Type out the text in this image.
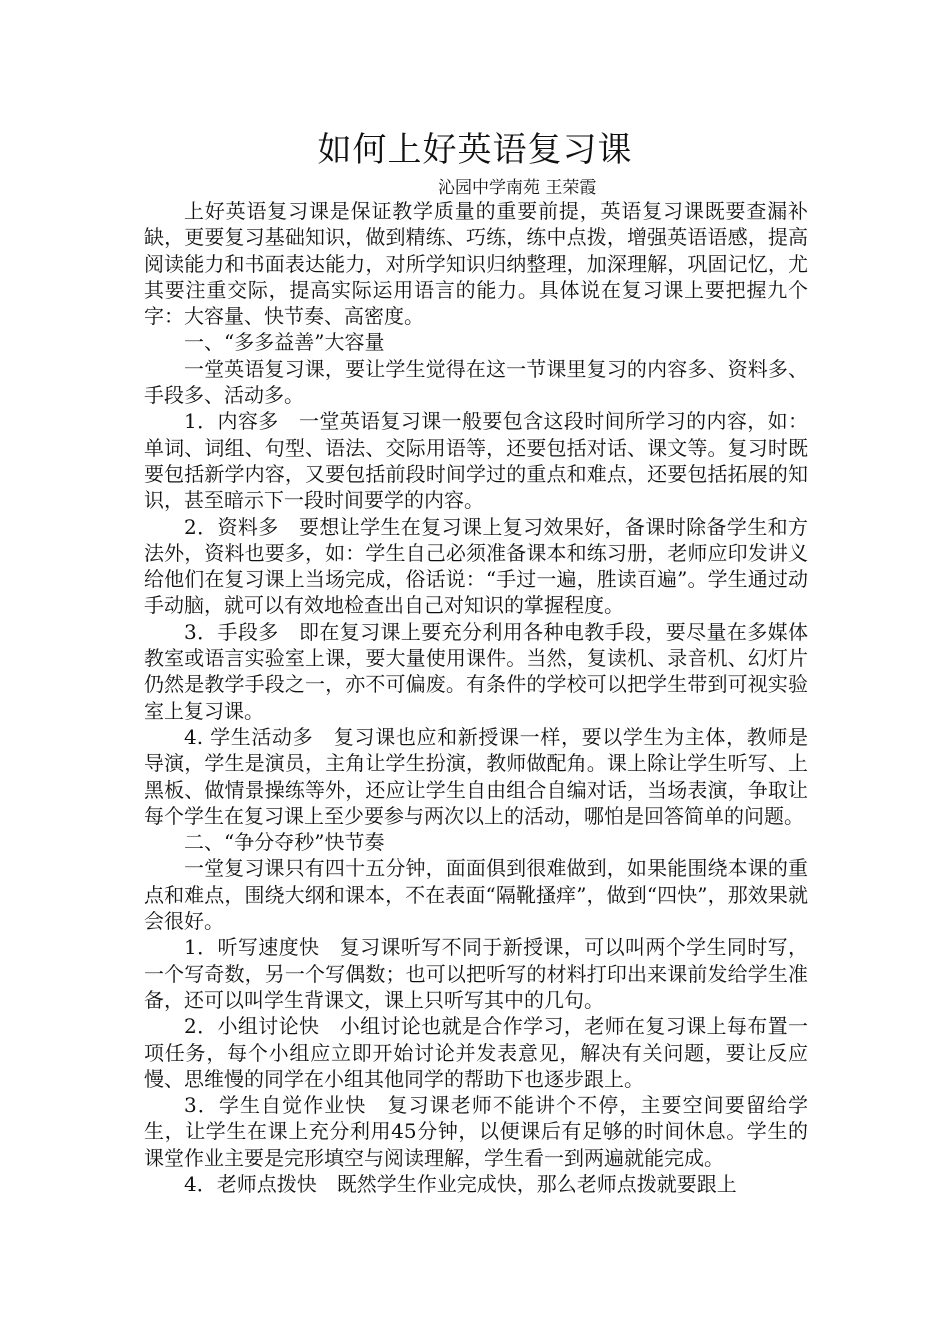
如何上好英语复习课
沁园中学南苑 王荣霞

上好英语复习课是保证教学质量的重要前提，英语复习课既要查漏补缺，更要复习基础知识，做到精练、巧练，练中点拨，增强英语语感，提高阅读能力和书面表达能力，对所学知识归纳整理，加深理解，巩固记忆，尤其要注重交际，提高实际运用语言的能力。具体说在复习课上要把握九个字：大容量、快节奏、高密度。

一、“多多益善”大容量

一堂英语复习课，要让学生觉得在这一节课里复习的内容多、资料多、手段多、活动多。

1．内容多 一堂英语复习课一般要包含这段时间所学习的内容，如：单词、词组、句型、语法、交际用语等，还要包括对话、课文等。复习时既要包括新学内容，又要包括前段时间学过的重点和难点，还要包括拓展的知识，甚至暗示下一段时间要学的内容。

2．资料多 要想让学生在复习课上复习效果好，备课时除备学生和方法外，资料也要多，如：学生自己必须准备课本和练习册，老师应印发讲义给他们在复习课上当场完成，俗话说：“手过一遍，胜读百遍”。学生通过动手动脑，就可以有效地检查出自己对知识的掌握程度。

3．手段多 即在复习课上要充分利用各种电教手段，要尽量在多媒体教室或语言实验室上课，要大量使用课件。当然，复读机、录音机、幻灯片仍然是教学手段之一，亦不可偏废。有条件的学校可以把学生带到可视实验室上复习课。

4. 学生活动多 复习课也应和新授课一样，要以学生为主体，教师是导演，学生是演员，主角让学生扮演，教师做配角。课上除让学生听写、上黑板、做情景操练等外，还应让学生自由组合自编对话，当场表演，争取让每个学生在复习课上至少要参与两次以上的活动，哪怕是回答简单的问题。

二、“争分夺秒”快节奏

一堂复习课只有四十五分钟，面面俱到很难做到，如果能围绕本课的重点和难点，围绕大纲和课本，不在表面“隔靴搔痒”，做到“四快”，那效果就会很好。

1．听写速度快 复习课听写不同于新授课，可以叫两个学生同时写，一个写奇数，另一个写偶数；也可以把听写的材料打印出来课前发给学生准备，还可以叫学生背课文，课上只听写其中的几句。

2．小组讨论快 小组讨论也就是合作学习，老师在复习课上每布置一项任务，每个小组应立即开始讨论并发表意见，解决有关问题，要让反应慢、思维慢的同学在小组其他同学的帮助下也逐步跟上。

3．学生自觉作业快 复习课老师不能讲个不停，主要空间要留给学生，让学生在课上充分利用45分钟，以便课后有足够的时间休息。学生的课堂作业主要是完形填空与阅读理解，学生看一到两遍就能完成。

4．老师点拨快 既然学生作业完成快，那么老师点拨就要跟上
